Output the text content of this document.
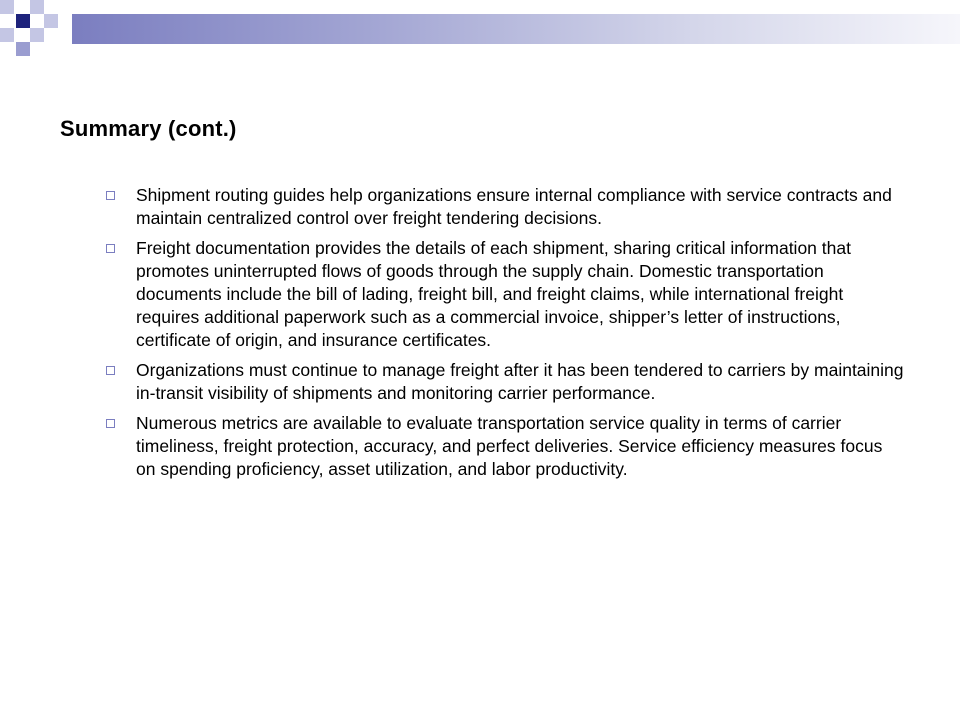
Summary (cont.)
Shipment routing guides help organizations ensure internal compliance with service contracts and maintain centralized control over freight tendering decisions.
Freight documentation provides the details of each shipment, sharing critical information that promotes uninterrupted flows of goods through the supply chain. Domestic transportation documents include the bill of lading, freight bill, and freight claims, while international freight requires additional paperwork such as a commercial invoice, shipper’s letter of instructions, certificate of origin, and insurance certificates.
Organizations must continue to manage freight after it has been tendered to carriers by maintaining in-transit visibility of shipments and monitoring carrier performance.
Numerous metrics are available to evaluate transportation service quality in terms of carrier timeliness, freight protection, accuracy, and perfect deliveries. Service efficiency measures focus on spending proficiency, asset utilization, and labor productivity.
